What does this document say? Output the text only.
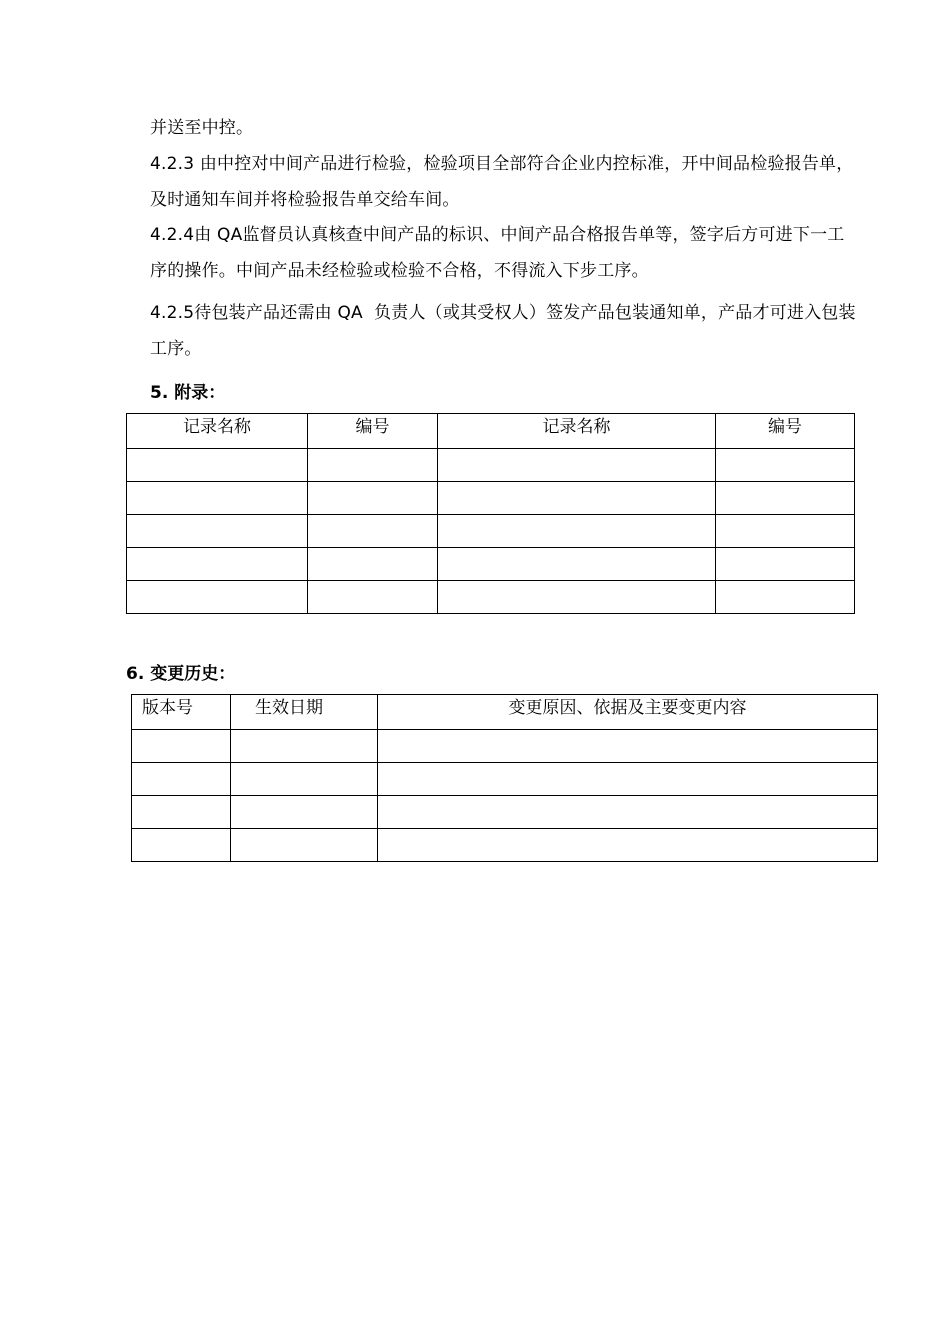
并送至中控。

4.2.3 由中控对中间产品进行检验，检验项目全部符合企业内控标准，开中间品检验报告单，及时通知车间并将检验报告单交给车间。

4.2.4由 QA监督员认真核查中间产品的标识、中间产品合格报告单等，签字后方可进下一工序的操作。中间产品未经检验或检验不合格，不得流入下步工序。

4.2.5待包装产品还需由 QA  负责人（或其受权人）签发产品包装通知单，产品才可进入包装工序。

5. 附录：
记录名称	编号	记录名称	编号

6. 变更历史：
版本号	生效日期	变更原因、依据及主要变更内容
